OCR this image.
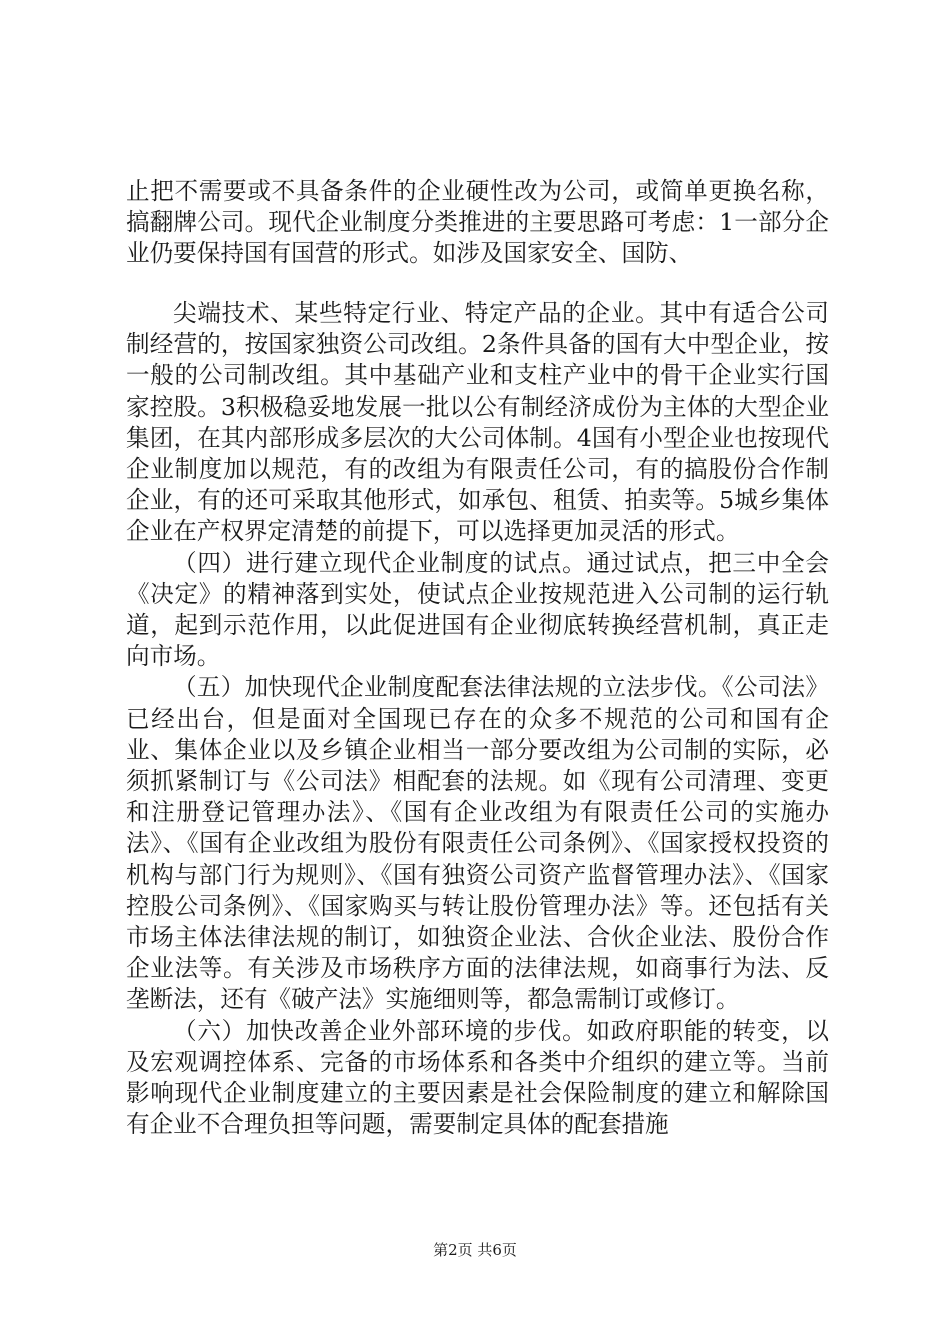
止把不需要或不具备条件的企业硬性改为公司，或简单更换名称，搞翻牌公司。现代企业制度分类推进的主要思路可考虑：1一部分企业仍要保持国有国营的形式。如涉及国家安全、国防、

尖端技术、某些特定行业、特定产品的企业。其中有适合公司制经营的，按国家独资公司改组。2条件具备的国有大中型企业，按一般的公司制改组。其中基础产业和支柱产业中的骨干企业实行国家控股。3积极稳妥地发展一批以公有制经济成份为主体的大型企业集团，在其内部形成多层次的大公司体制。4国有小型企业也按现代企业制度加以规范，有的改组为有限责任公司，有的搞股份合作制企业，有的还可采取其他形式，如承包、租赁、拍卖等。5城乡集体企业在产权界定清楚的前提下，可以选择更加灵活的形式。

（四）进行建立现代企业制度的试点。通过试点，把三中全会《决定》的精神落到实处，使试点企业按规范进入公司制的运行轨道，起到示范作用，以此促进国有企业彻底转换经营机制，真正走向市场。

（五）加快现代企业制度配套法律法规的立法步伐。《公司法》已经出台，但是面对全国现已存在的众多不规范的公司和国有企业、集体企业以及乡镇企业相当一部分要改组为公司制的实际，必须抓紧制订与《公司法》相配套的法规。如《现有公司清理、变更和注册登记管理办法》、《国有企业改组为有限责任公司的实施办法》、《国有企业改组为股份有限责任公司条例》、《国家授权投资的机构与部门行为规则》、《国有独资公司资产监督管理办法》、《国家控股公司条例》、《国家购买与转让股份管理办法》等。还包括有关市场主体法律法规的制订，如独资企业法、合伙企业法、股份合作企业法等。有关涉及市场秩序方面的法律法规，如商事行为法、反垄断法，还有《破产法》实施细则等，都急需制订或修订。

（六）加快改善企业外部环境的步伐。如政府职能的转变，以及宏观调控体系、完备的市场体系和各类中介组织的建立等。当前影响现代企业制度建立的主要因素是社会保险制度的建立和解除国有企业不合理负担等问题，需要制定具体的配套措施

第2页 共6页
